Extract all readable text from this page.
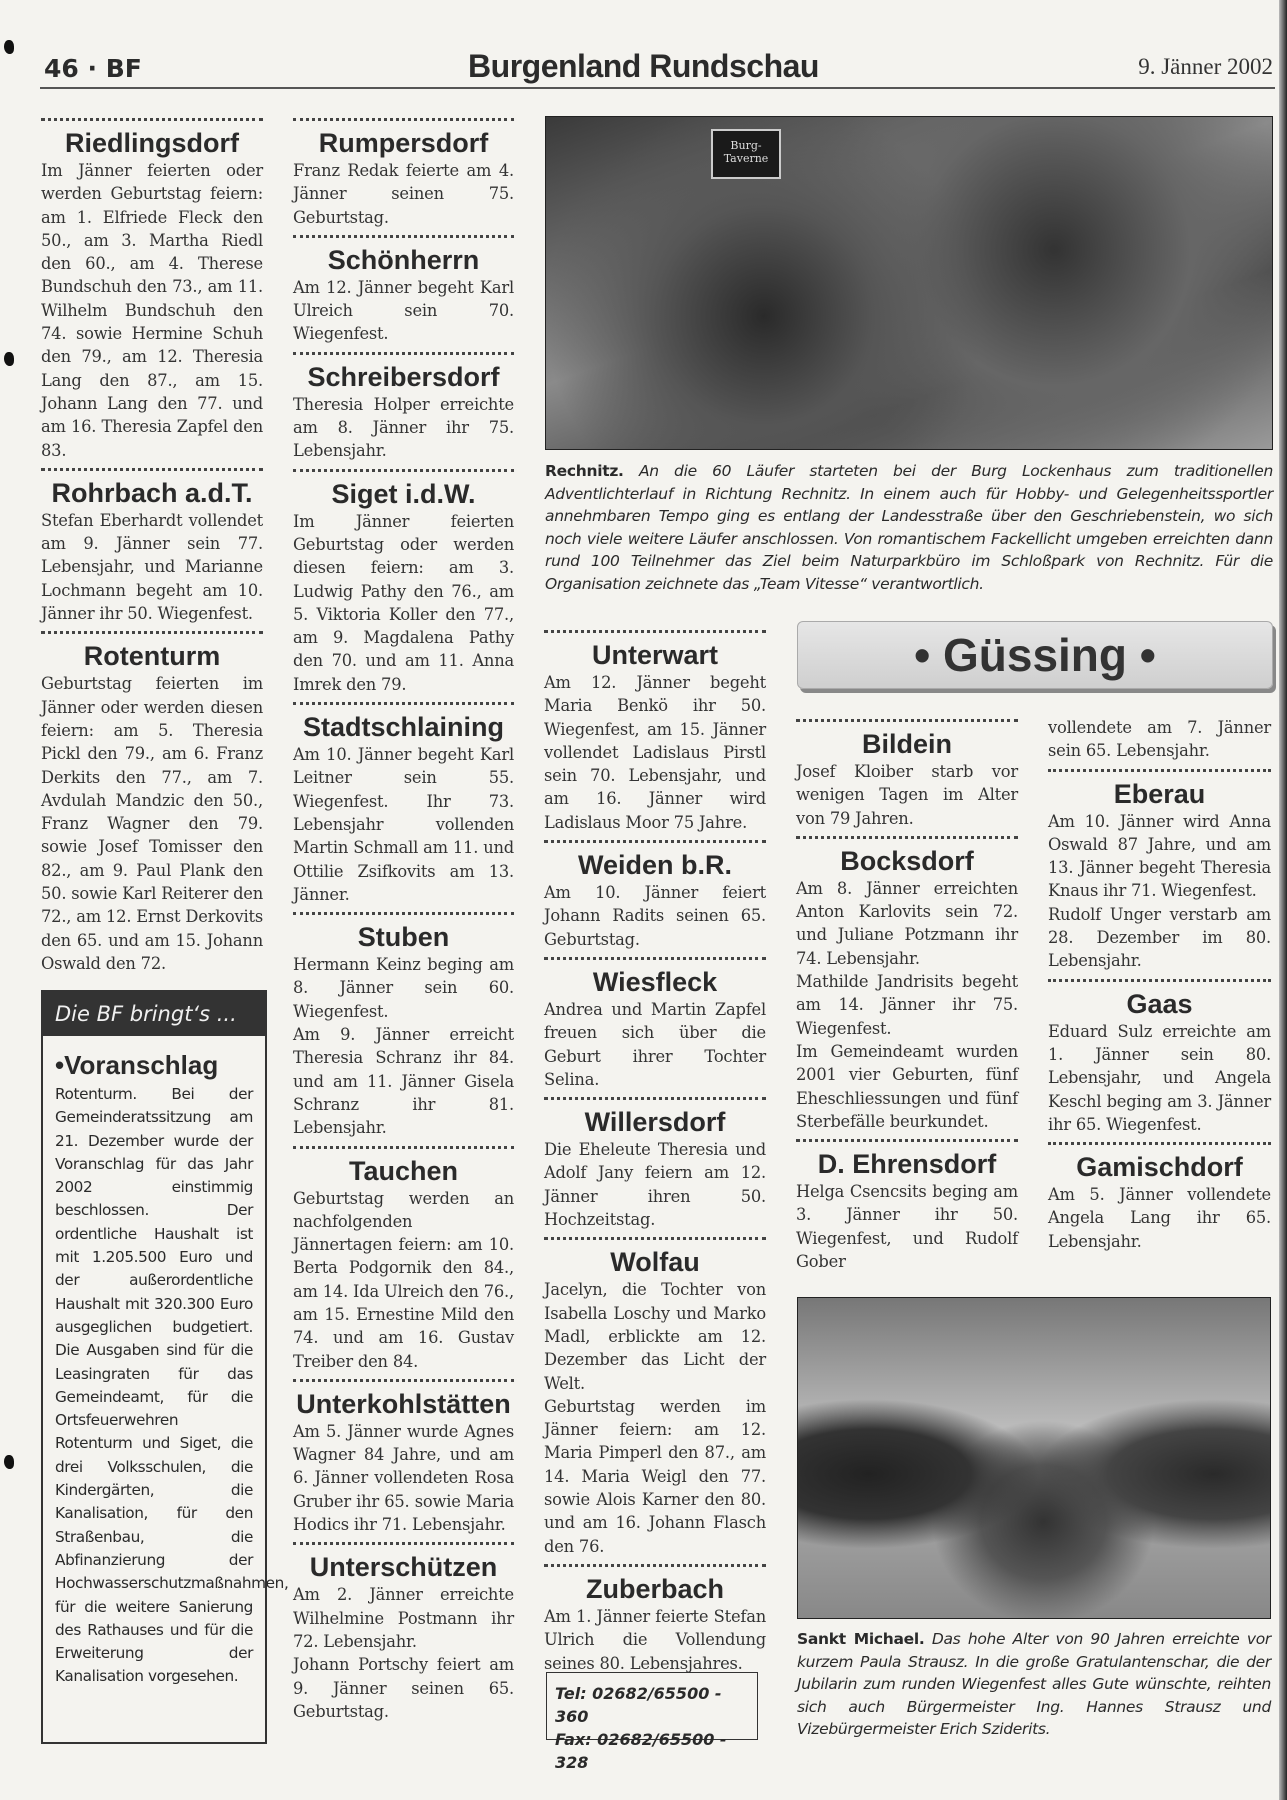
46 · BF	Burgenland Rundschau	9. Jänner 2002
Riedlingsdorf

Im Jänner feierten oder werden Geburtstag feiern: am 1. Elfriede Fleck den 50., am 3. Martha Riedl den 60., am 4. Therese Bundschuh den 73., am 11. Wilhelm Bundschuh den 74. sowie Hermine Schuh den 79., am 12. Theresia Lang den 87., am 15. Johann Lang den 77. und am 16. Theresia Zapfel den 83.

Rohrbach a.d.T.

Stefan Eberhardt vollendet am 9. Jänner sein 77. Lebensjahr, und Marianne Lochmann begeht am 10. Jänner ihr 50. Wiegenfest.

Rotenturm

Geburtstag feierten im Jänner oder werden diesen feiern: am 5. Theresia Pickl den 79., am 6. Franz Derkits den 77., am 7. Avdulah Mandzic den 50., Franz Wagner den 79. sowie Josef Tomisser den 82., am 9. Paul Plank den 50. sowie Karl Reiterer den 72., am 12. Ernst Derkovits den 65. und am 15. Johann Oswald den 72.

Rumpersdorf

Franz Redak feierte am 4. Jänner seinen 75. Geburtstag.

Schönherrn

Am 12. Jänner begeht Karl Ulreich sein 70. Wiegenfest.

Schreibersdorf

Theresia Holper erreichte am 8. Jänner ihr 75. Lebensjahr.

Siget i.d.W.

Im Jänner feierten Geburtstag oder werden diesen feiern: am 3. Ludwig Pathy den 76., am 5. Viktoria Koller den 77., am 9. Magdalena Pathy den 70. und am 11. Anna Imrek den 79.

Stadtschlaining

Am 10. Jänner begeht Karl Leitner sein 55. Wiegenfest. Ihr 73. Lebensjahr vollenden Martin Schmall am 11. und Ottilie Zsifkovits am 13. Jänner.

Stuben

Hermann Keinz beging am 8. Jänner sein 60. Wiegenfest.

Am 9. Jänner erreicht Theresia Schranz ihr 84. und am 11. Jänner Gisela Schranz ihr 81. Lebensjahr.

Tauchen

Geburtstag werden an nachfolgenden Jännertagen feiern: am 10. Berta Podgornik den 84., am 14. Ida Ulreich den 76., am 15. Ernestine Mild den 74. und am 16. Gustav Treiber den 84.

Unterkohlstätten

Am 5. Jänner wurde Agnes Wagner 84 Jahre, und am 6. Jänner vollendeten Rosa Gruber ihr 65. sowie Maria Hodics ihr 71. Lebensjahr.

Unterschützen

Am 2. Jänner erreichte Wilhelmine Postmann ihr 72. Lebensjahr.

Johann Portschy feiert am 9. Jänner seinen 65. Geburtstag.

Unterwart

Am 12. Jänner begeht Maria Benkö ihr 50. Wiegenfest, am 15. Jänner vollendet Ladislaus Pirstl sein 70. Lebensjahr, und am 16. Jänner wird Ladislaus Moor 75 Jahre.

Weiden b.R.

Am 10. Jänner feiert Johann Radits seinen 65. Geburtstag.

Wiesfleck

Andrea und Martin Zapfel freuen sich über die Geburt ihrer Tochter Selina.

Willersdorf

Die Eheleute Theresia und Adolf Jany feiern am 12. Jänner ihren 50. Hochzeitstag.

Wolfau

Jacelyn, die Tochter von Isabella Loschy und Marko Madl, erblickte am 12. Dezember das Licht der Welt.

Geburtstag werden im Jänner feiern: am 12. Maria Pimperl den 87., am 14. Maria Weigl den 77. sowie Alois Karner den 80. und am 16. Johann Flasch den 76.

Zuberbach

Am 1. Jänner feierte Stefan Ulrich die Vollendung seines 80. Lebensjahres.

Bildein

Josef Kloiber starb vor wenigen Tagen im Alter von 79 Jahren.

Bocksdorf

Am 8. Jänner erreichten Anton Karlovits sein 72. und Juliane Potzmann ihr 74. Lebensjahr.

Mathilde Jandrisits begeht am 14. Jänner ihr 75. Wiegenfest.

Im Gemeindeamt wurden 2001 vier Geburten, fünf Eheschliessungen und fünf Sterbefälle beurkundet.

D. Ehrensdorf

Helga Csencsits beging am 3. Jänner ihr 50. Wiegenfest, und Rudolf Gober

vollendete am 7. Jänner sein 65. Lebensjahr.

Eberau

Am 10. Jänner wird Anna Oswald 87 Jahre, und am 13. Jänner begeht Theresia Knaus ihr 71. Wiegenfest.

Rudolf Unger verstarb am 28. Dezember im 80. Lebensjahr.

Gaas

Eduard Sulz erreichte am 1. Jänner sein 80. Lebensjahr, und Angela Keschl beging am 3. Jänner ihr 65. Wiegenfest.

Gamischdorf

Am 5. Jänner vollendete Angela Lang ihr 65. Lebensjahr.

Burg-Taverne
Rechnitz. An die 60 Läufer starteten bei der Burg Lockenhaus zum traditionellen Adventlichterlauf in Richtung Rechnitz. In einem auch für Hobby- und Gelegenheitssportler annehmbaren Tempo ging es entlang der Landesstraße über den Geschriebenstein, wo sich noch viele weitere Läufer anschlossen. Von romantischem Fackellicht umgeben erreichten dann rund 100 Teilnehmer das Ziel beim Naturparkbüro im Schloßpark von Rechnitz. Für die Organisation zeichnete das „Team Vitesse“ verantwortlich.
• Güssing •
Die BF bringt‘s ...
•Voranschlag

Rotenturm. Bei der Gemeinderatssitzung am 21. Dezember wurde der Voranschlag für das Jahr 2002 einstimmig beschlossen. Der ordentliche Haushalt ist mit 1.205.500 Euro und der außerordentliche Haushalt mit 320.300 Euro ausgeglichen budgetiert. Die Ausgaben sind für die Leasingraten für das Gemeindeamt, für die Ortsfeuerwehren Rotenturm und Siget, die drei Volksschulen, die Kindergärten, die Kanalisation, für den Straßenbau, die Abfinanzierung der Hochwasserschutzmaßnahmen, für die weitere Sanierung des Rathauses und für die Erweiterung der Kanalisation vorgesehen.

Tel: 02682/65500 - 360
Fax: 02682/65500 - 328
Sankt Michael. Das hohe Alter von 90 Jahren erreichte vor kurzem Paula Strausz. In die große Gratulantenschar, die der Jubilarin zum runden Wiegenfest alles Gute wünschte, reihten sich auch Bürgermeister Ing. Hannes Strausz und Vizebürgermeister Erich Sziderits.
